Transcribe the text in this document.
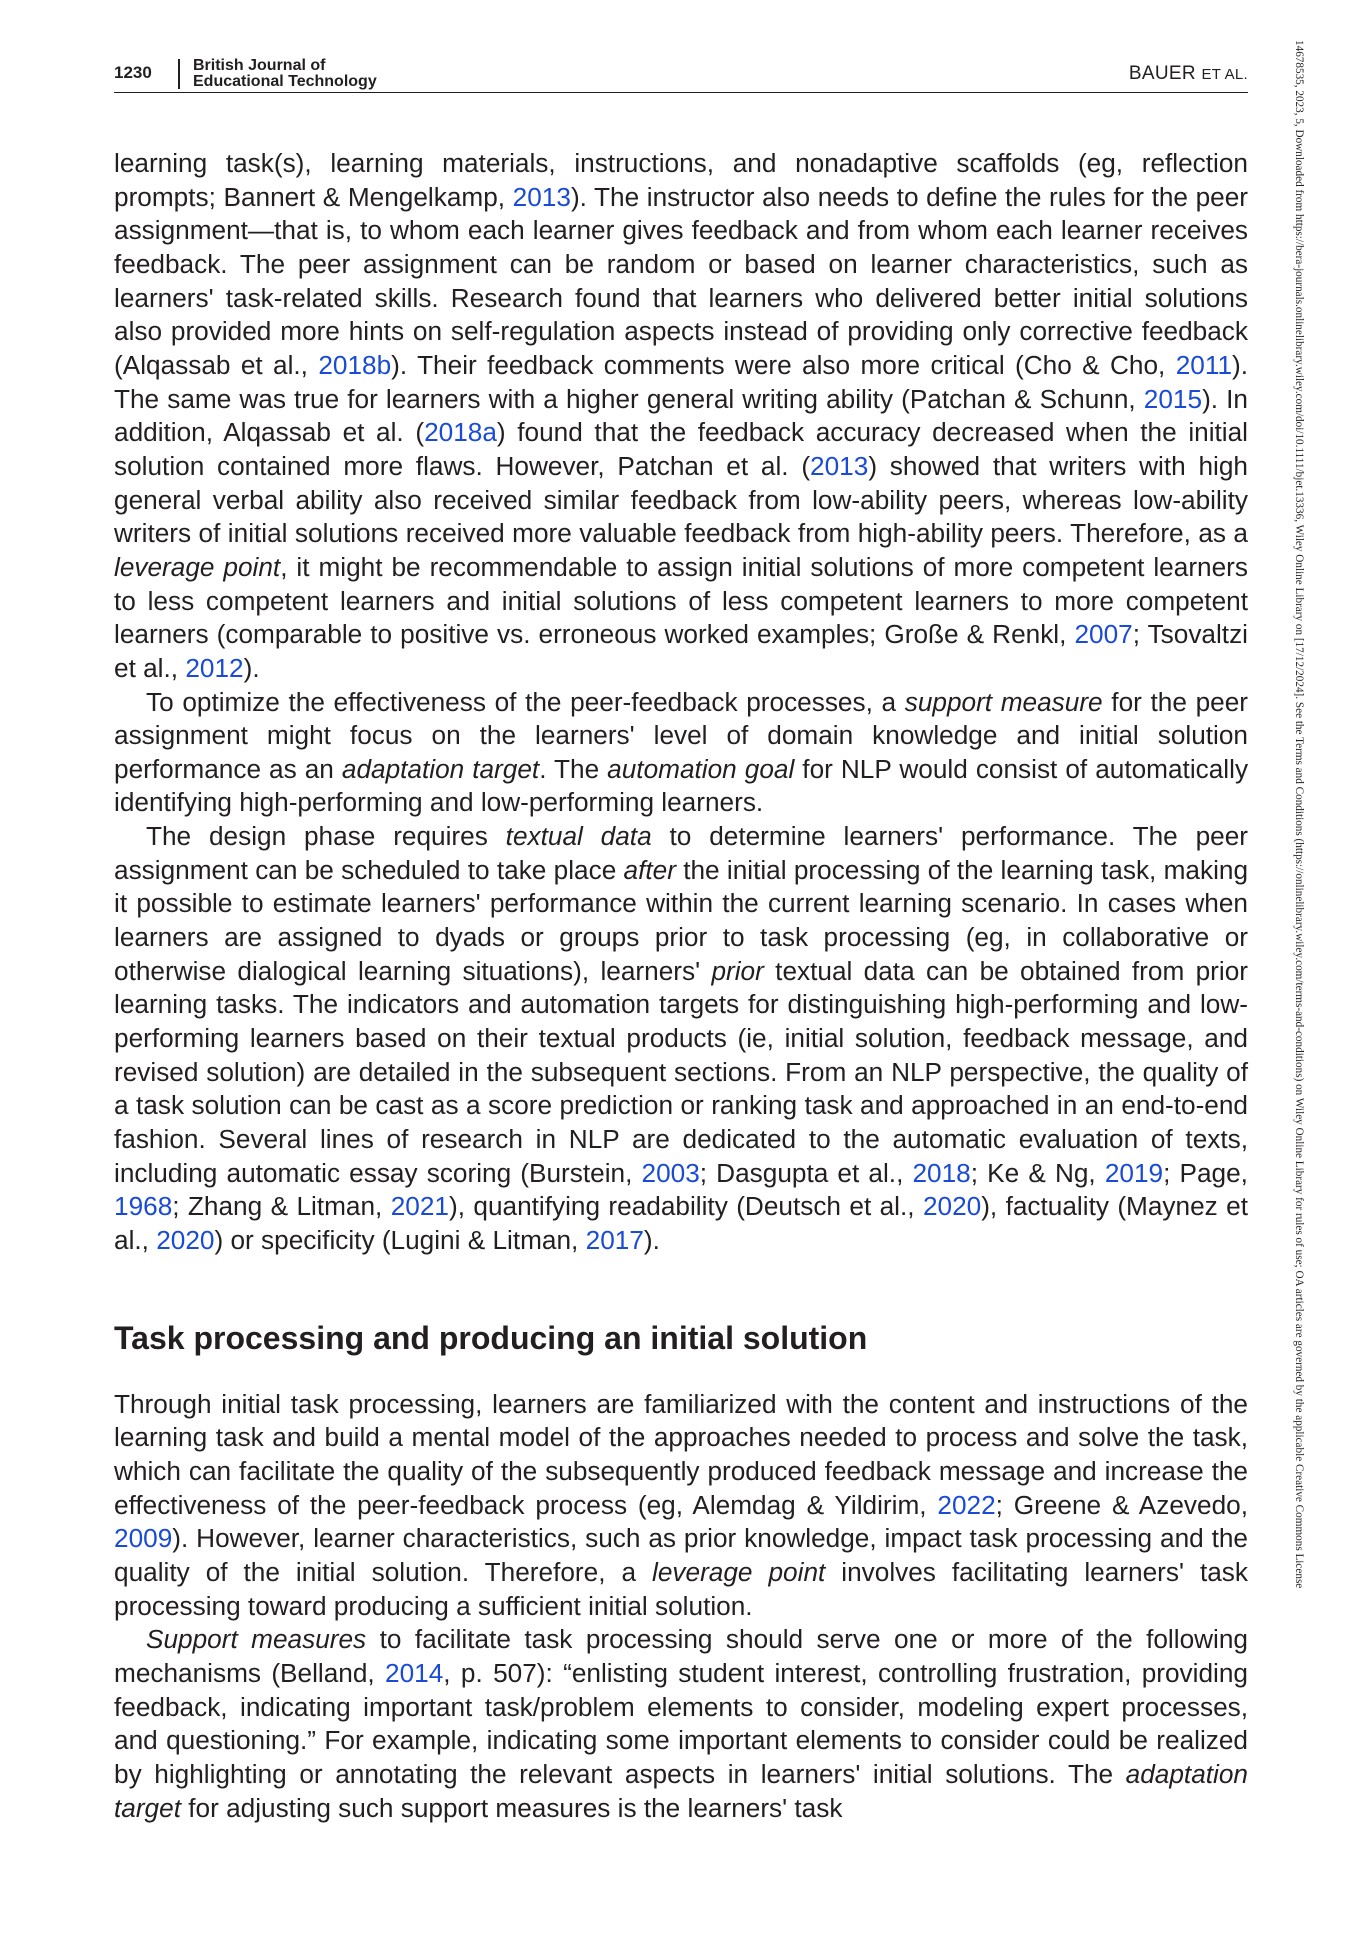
1230	British Journal of
Educational Technology	BAUER ET AL.	14678535, 2023, 5, Downloaded from https://bera-journals.onlinelibrary.wiley.com/doi/10.1111/bjet.13336, Wiley Online Library on [17/12/2024]. See the Terms and Conditions (https://onlinelibrary.wiley.com/terms-and-conditions) on Wiley Online Library for rules of use; OA articles are governed by the applicable Creative Commons License

learning task(s), learning materials, instructions, and nonadaptive scaffolds (eg, reflection prompts; Bannert & Mengelkamp, 2013). The instructor also needs to define the rules for the peer assignment—that is, to whom each learner gives feedback and from whom each learner receives feedback. The peer assignment can be random or based on learner characteristics, such as learners' task-related skills. Research found that learners who delivered better initial solutions also provided more hints on self-regulation aspects instead of providing only corrective feedback (Alqassab et al., 2018b). Their feedback comments were also more critical (Cho & Cho, 2011). The same was true for learners with a higher general writing ability (Patchan & Schunn, 2015). In addition, Alqassab et al. (2018a) found that the feedback accuracy decreased when the initial solution contained more flaws. However, Patchan et al. (2013) showed that writers with high general verbal ability also received similar feedback from low-ability peers, whereas low-ability writers of initial solutions received more valuable feedback from high-ability peers. Therefore, as a leverage point, it might be recommendable to assign initial solutions of more competent learners to less competent learners and initial solutions of less competent learners to more competent learners (comparable to positive vs. erroneous worked examples; Große & Renkl, 2007; Tsovaltzi et al., 2012).

To optimize the effectiveness of the peer-feedback processes, a support measure for the peer assignment might focus on the learners' level of domain knowledge and initial solution performance as an adaptation target. The automation goal for NLP would consist of automatically identifying high-performing and low-performing learners.

The design phase requires textual data to determine learners' performance. The peer assignment can be scheduled to take place after the initial processing of the learning task, making it possible to estimate learners' performance within the current learning scenario. In cases when learners are assigned to dyads or groups prior to task processing (eg, in collaborative or otherwise dialogical learning situations), learners' prior textual data can be obtained from prior learning tasks. The indicators and automation targets for distinguishing high-performing and low-performing learners based on their textual products (ie, initial solution, feedback message, and revised solution) are detailed in the subsequent sections. From an NLP perspective, the quality of a task solution can be cast as a score prediction or ranking task and approached in an end-to-end fashion. Several lines of research in NLP are dedicated to the automatic evaluation of texts, including automatic essay scoring (Burstein, 2003; Dasgupta et al., 2018; Ke & Ng, 2019; Page, 1968; Zhang & Litman, 2021), quantifying readability (Deutsch et al., 2020), factuality (Maynez et al., 2020) or specificity (Lugini & Litman, 2017).

Task processing and producing an initial solution

Through initial task processing, learners are familiarized with the content and instructions of the learning task and build a mental model of the approaches needed to process and solve the task, which can facilitate the quality of the subsequently produced feedback message and increase the effectiveness of the peer-feedback process (eg, Alemdag & Yildirim, 2022; Greene & Azevedo, 2009). However, learner characteristics, such as prior knowledge, impact task processing and the quality of the initial solution. Therefore, a leverage point involves facilitating learners' task processing toward producing a sufficient initial solution.

Support measures to facilitate task processing should serve one or more of the following mechanisms (Belland, 2014, p. 507): “enlisting student interest, controlling frustration, providing feedback, indicating important task/problem elements to consider, modeling expert processes, and questioning.” For example, indicating some important elements to consider could be realized by highlighting or annotating the relevant aspects in learners' initial solutions. The adaptation target for adjusting such support measures is the learners' task
